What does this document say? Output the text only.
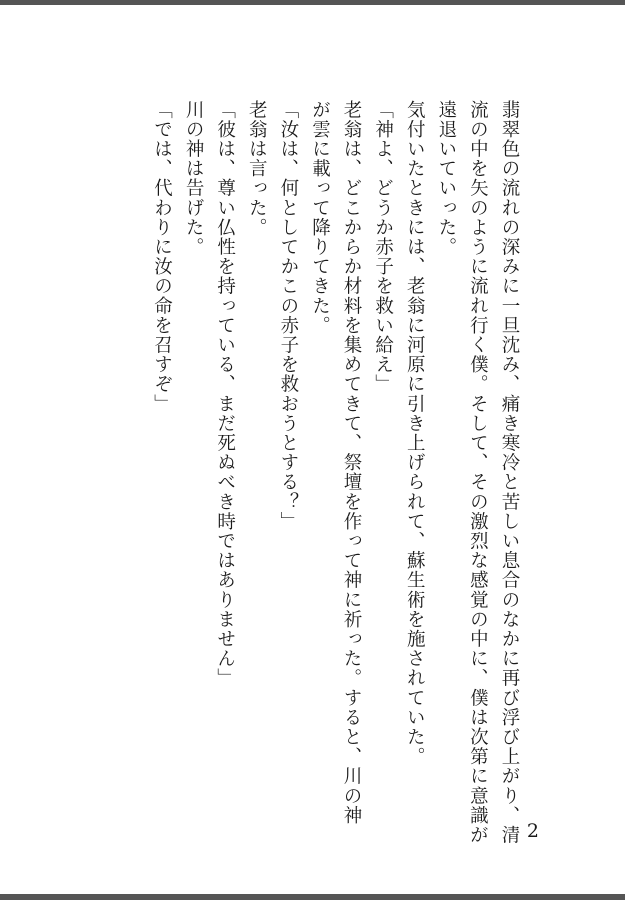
翡翠色の流れの深みに一旦沈み、痛き寒冷と苦しい息合のなかに再び浮び上がり、清
流の中を矢のように流れ行く僕。そして、その激烈な感覚の中に、僕は次第に意識が
遠退いていった。
気付いたときには、老翁に河原に引き上げられて、蘇生術を施されていた。
「神よ、どうか赤子を救い給え」
老翁は、どこからか材料を集めてきて、祭壇を作って神に祈った。すると、川の神
が雲に載って降りてきた。
「汝は、何としてかこの赤子を救おうとする？」
老翁は言った。
「彼は、尊い仏性を持っている、まだ死ぬべき時ではありません」
川の神は告げた。
「では、代わりに汝の命を召すぞ」
2
